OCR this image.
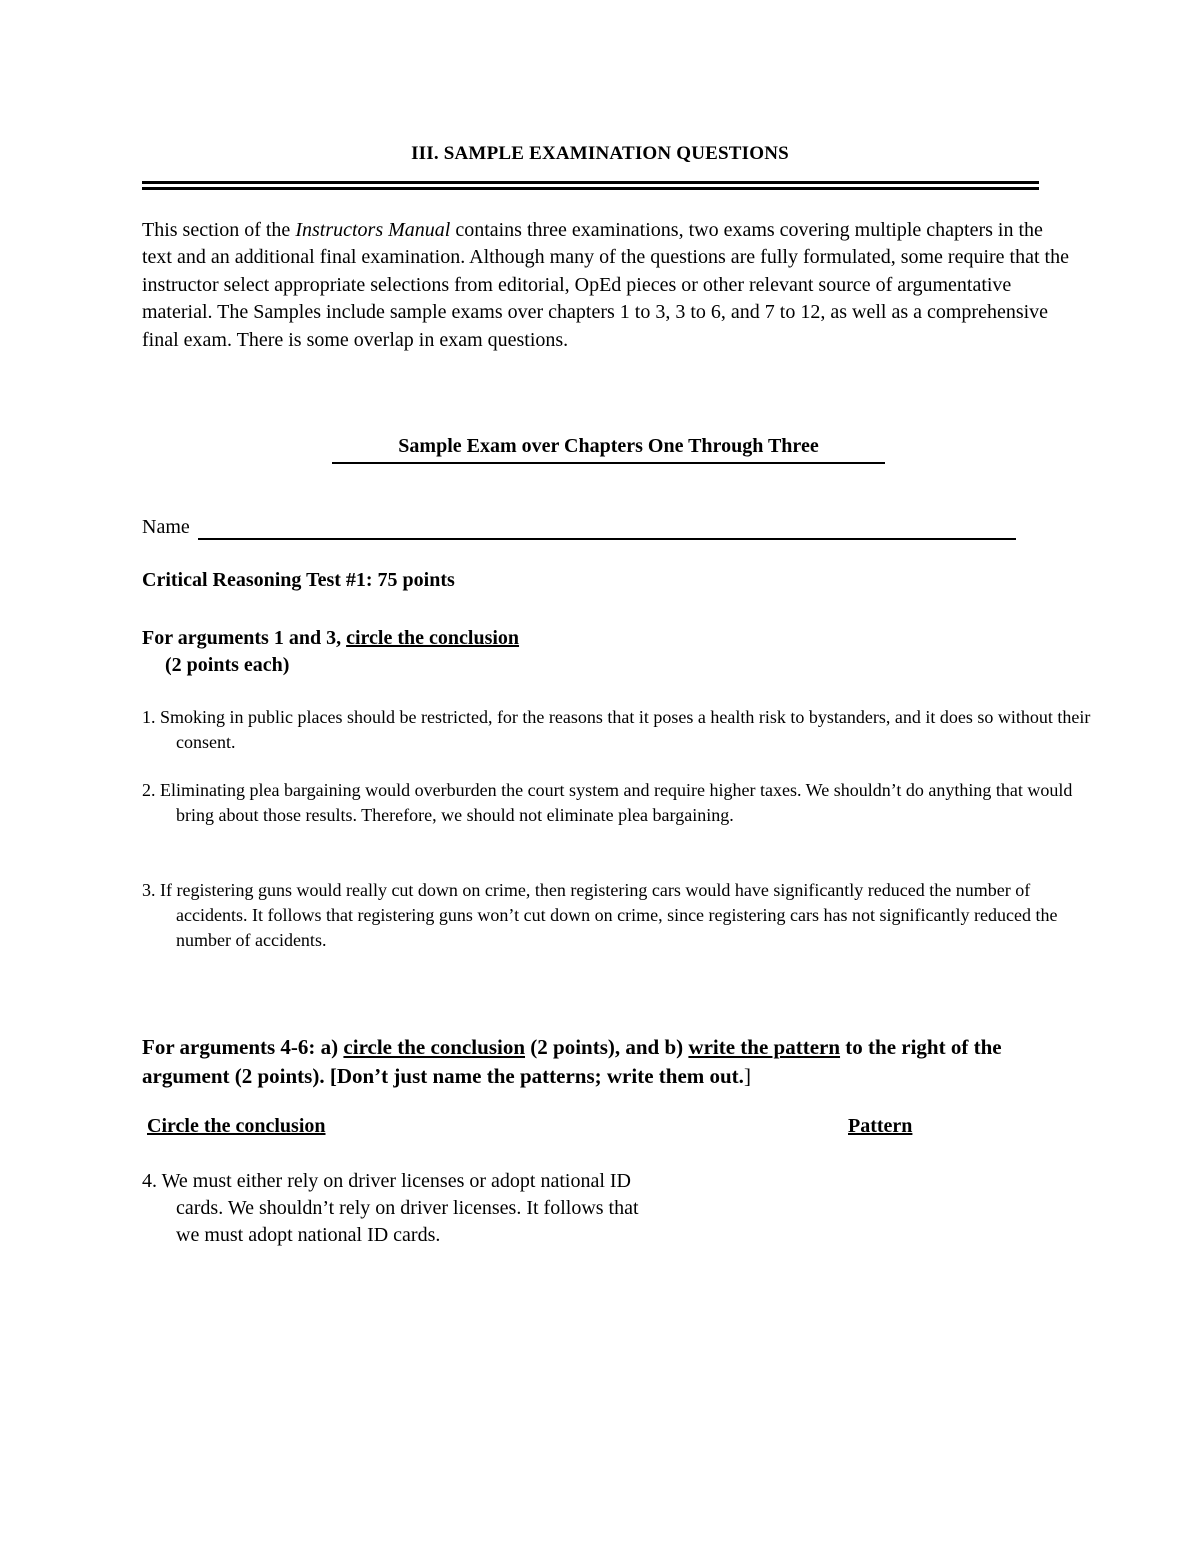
III. SAMPLE EXAMINATION QUESTIONS

This section of the Instructors Manual contains three examinations, two exams covering multiple chapters in the text and an additional final examination. Although many of the questions are fully formulated, some require that the instructor select appropriate selections from editorial, OpEd pieces or other relevant source of argumentative material. The Samples include sample exams over chapters 1 to 3, 3 to 6, and 7 to 12, as well as a comprehensive final exam. There is some overlap in exam questions.

Sample Exam over Chapters One Through Three

Name

Critical Reasoning Test #1: 75 points

For arguments 1 and 3, circle the conclusion
(2 points each)

1. Smoking in public places should be restricted, for the reasons that it poses a health risk to bystanders, and it does so without their consent.

2. Eliminating plea bargaining would overburden the court system and require higher taxes. We shouldn’t do anything that would bring about those results. Therefore, we should not eliminate plea bargaining.

3. If registering guns would really cut down on crime, then registering cars would have significantly reduced the number of accidents. It follows that registering guns won’t cut down on crime, since registering cars has not significantly reduced the number of accidents.

For arguments 4-6: a) circle the conclusion (2 points), and b) write the pattern to the right of the argument (2 points). [Don’t just name the patterns; write them out.]

Circle the conclusion	Pattern

4. We must either rely on driver licenses or adopt national ID cards. We shouldn’t rely on driver licenses. It follows that we must adopt national ID cards.
